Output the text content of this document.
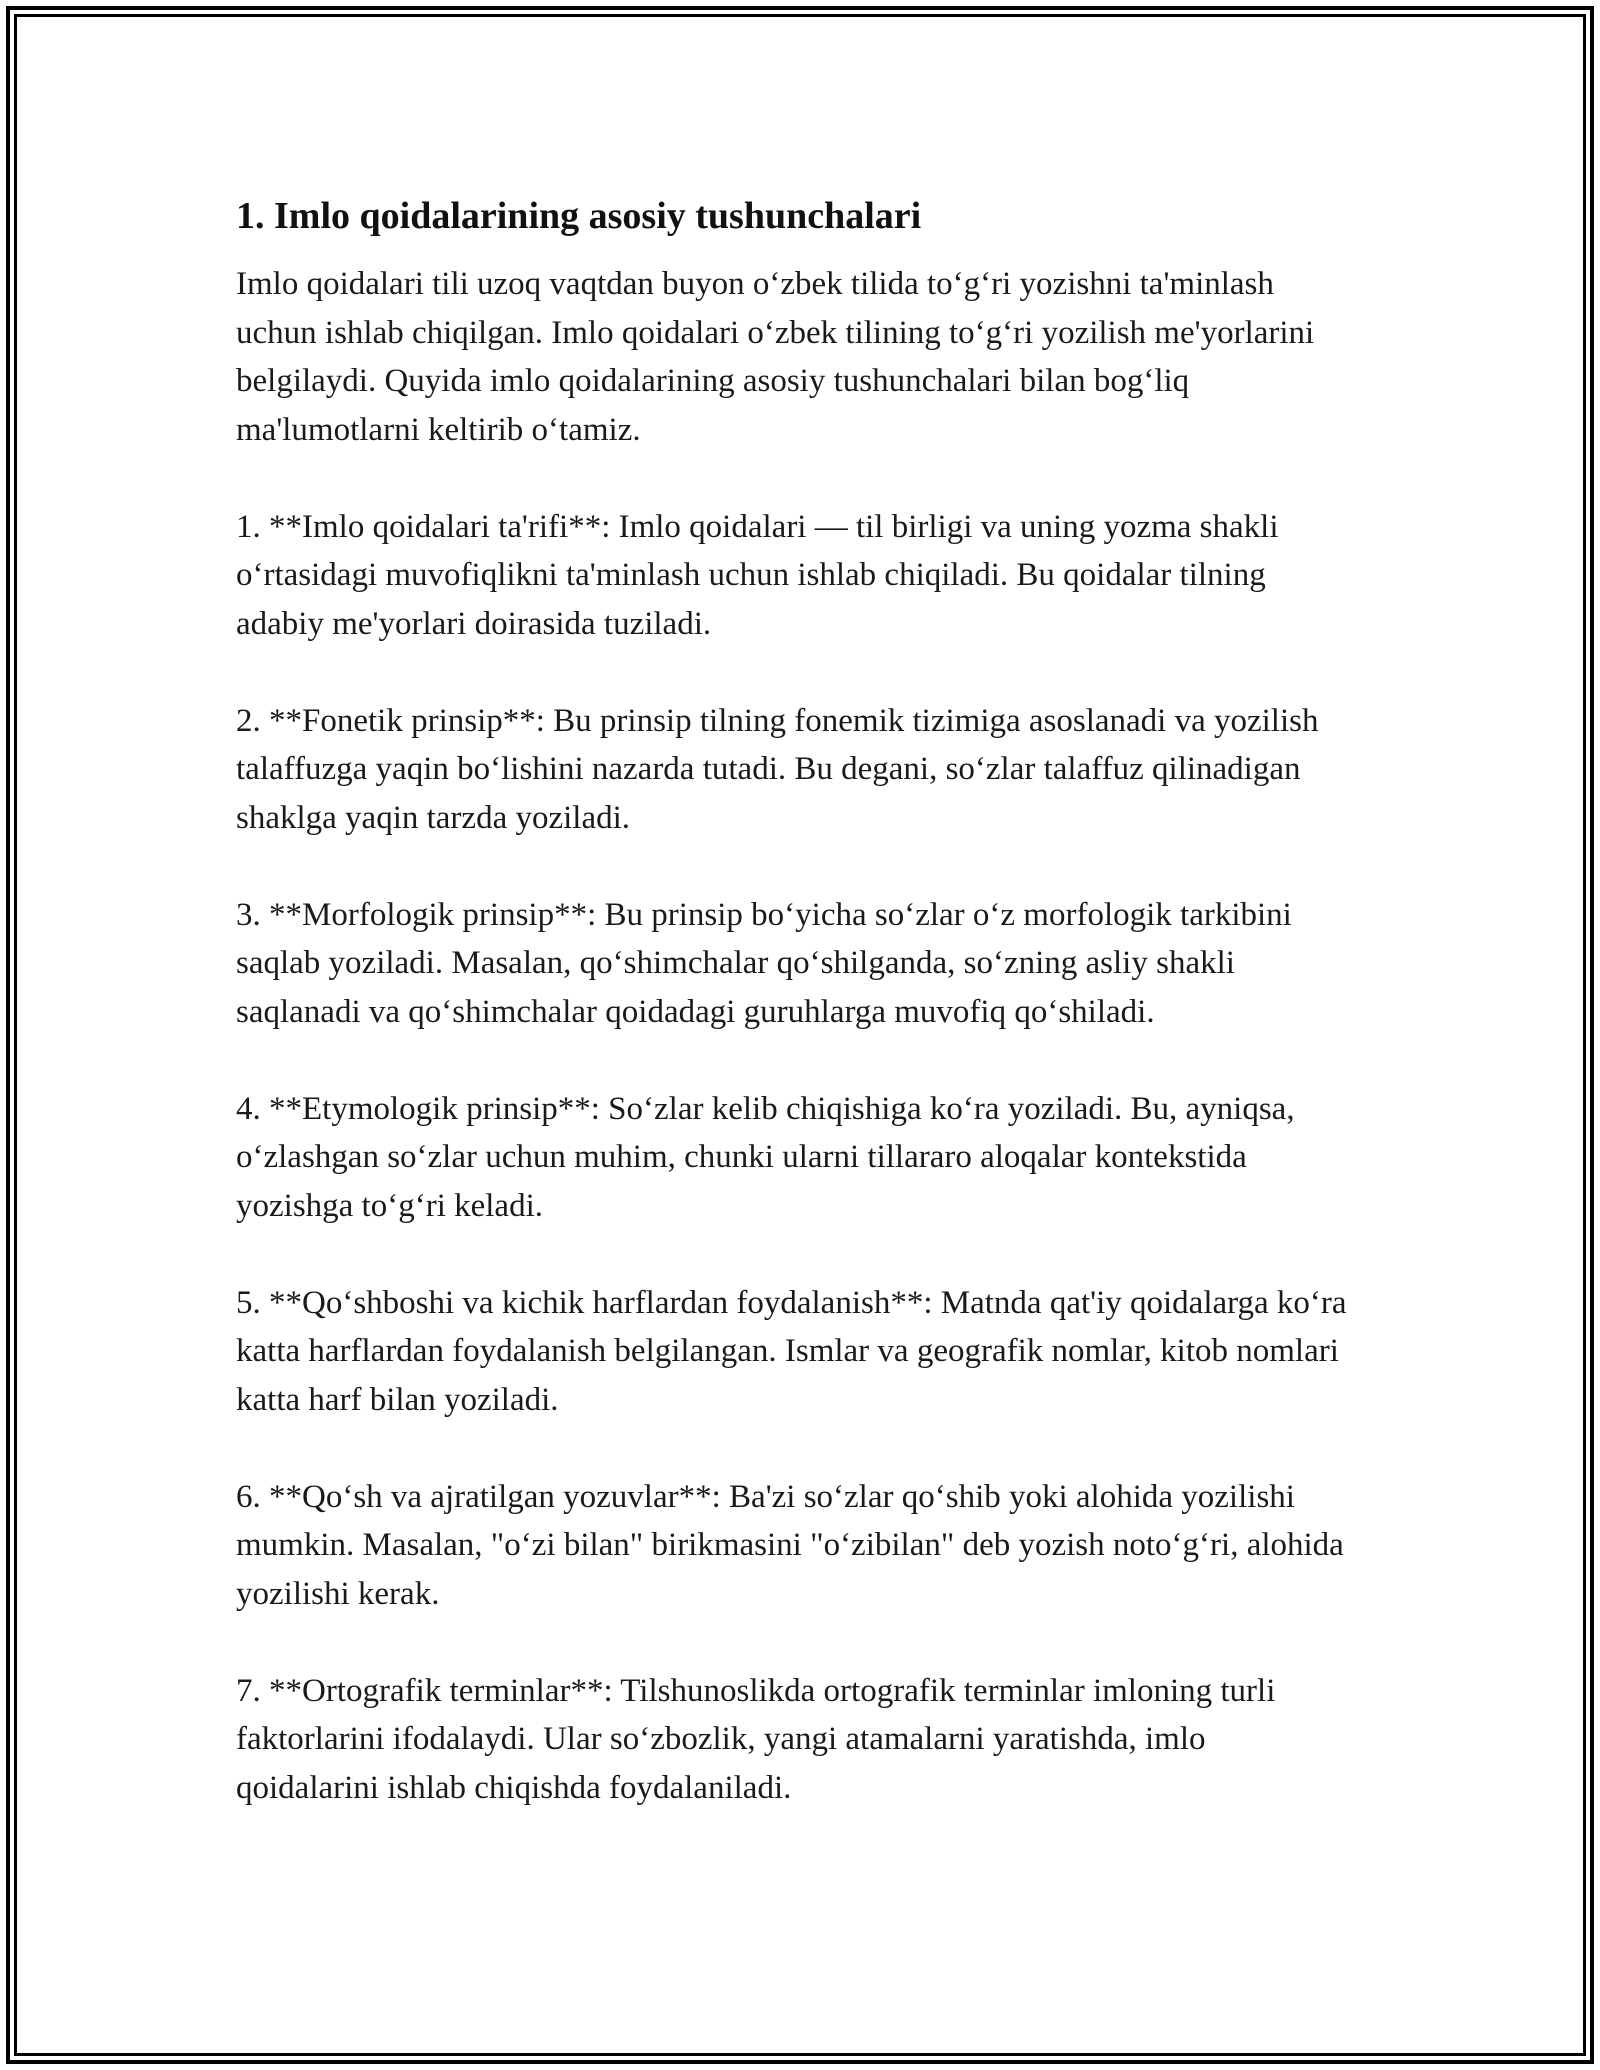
1. Imlo qoidalarining asosiy tushunchalari

Imlo qoidalari tili uzoq vaqtdan buyon o‘zbek tilida to‘g‘ri yozishni ta'minlash uchun ishlab chiqilgan. Imlo qoidalari o‘zbek tilining to‘g‘ri yozilish me'yorlarini belgilaydi. Quyida imlo qoidalarining asosiy tushunchalari bilan bog‘liq ma'lumotlarni keltirib o‘tamiz.

1. **Imlo qoidalari ta'rifi**: Imlo qoidalari — til birligi va uning yozma shakli o‘rtasidagi muvofiqlikni ta'minlash uchun ishlab chiqiladi. Bu qoidalar tilning adabiy me'yorlari doirasida tuziladi.

2. **Fonetik prinsip**: Bu prinsip tilning fonemik tizimiga asoslanadi va yozilish talaffuzga yaqin bo‘lishini nazarda tutadi. Bu degani, so‘zlar talaffuz qilinadigan shaklga yaqin tarzda yoziladi.

3. **Morfologik prinsip**: Bu prinsip bo‘yicha so‘zlar o‘z morfologik tarkibini saqlab yoziladi. Masalan, qo‘shimchalar qo‘shilganda, so‘zning asliy shakli saqlanadi va qo‘shimchalar qoidadagi guruhlarga muvofiq qo‘shiladi.

4. **Etymologik prinsip**: So‘zlar kelib chiqishiga ko‘ra yoziladi. Bu, ayniqsa, o‘zlashgan so‘zlar uchun muhim, chunki ularni tillararo aloqalar kontekstida yozishga to‘g‘ri keladi.

5. **Qo‘shboshi va kichik harflardan foydalanish**: Matnda qat'iy qoidalarga ko‘ra katta harflardan foydalanish belgilangan. Ismlar va geografik nomlar, kitob nomlari katta harf bilan yoziladi.

6. **Qo‘sh va ajratilgan yozuvlar**: Ba'zi so‘zlar qo‘shib yoki alohida yozilishi mumkin. Masalan, "o‘zi bilan" birikmasini "o‘zibilan" deb yozish noto‘g‘ri, alohida yozilishi kerak.

7. **Ortografik terminlar**: Tilshunoslikda ortografik terminlar imloning turli faktorlarini ifodalaydi. Ular so‘zbozlik, yangi atamalarni yaratishda, imlo qoidalarini ishlab chiqishda foydalaniladi.
